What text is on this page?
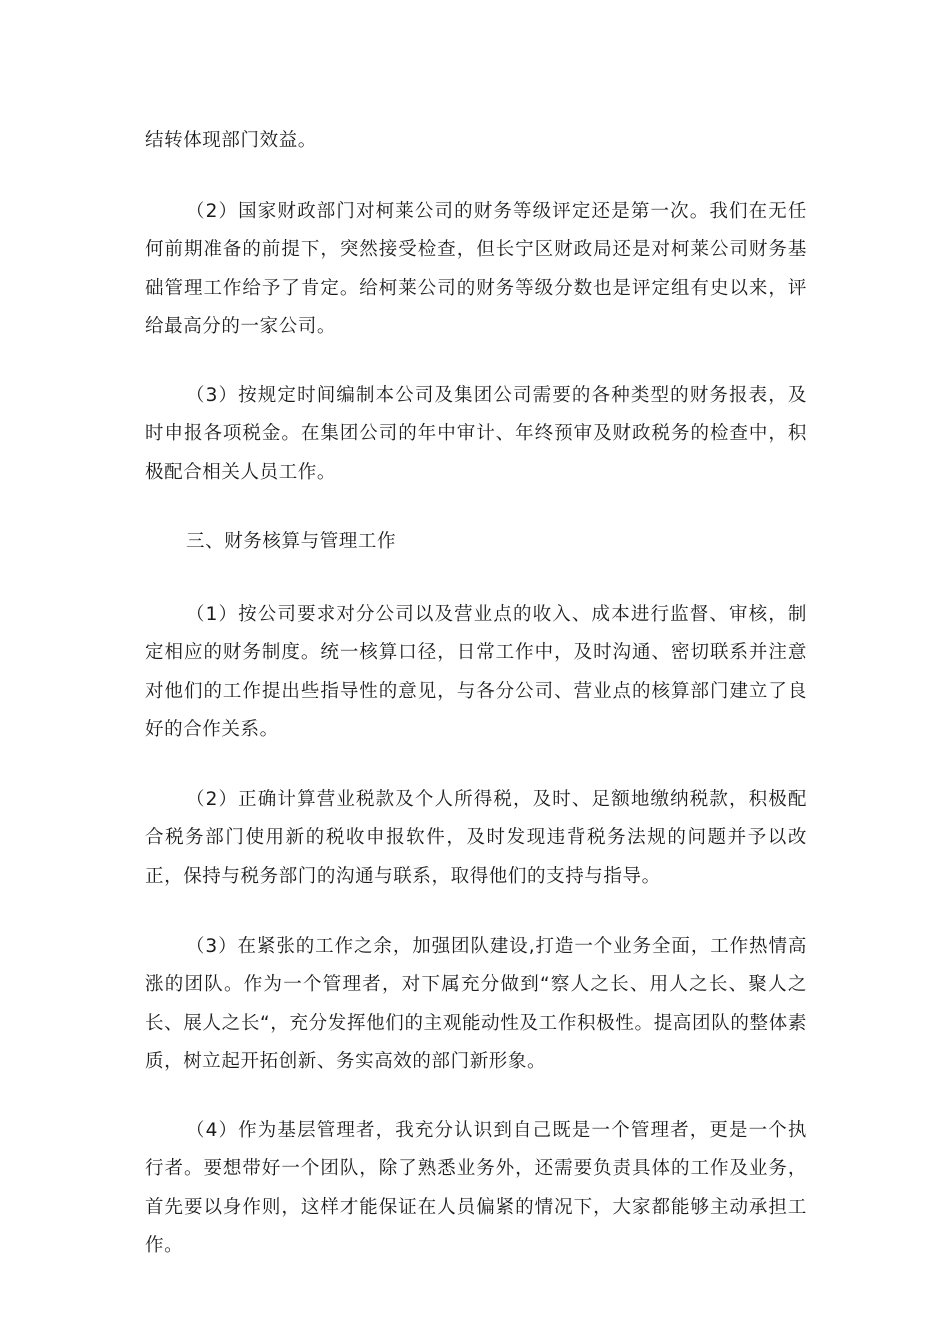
结转体现部门效益。

（2）国家财政部门对柯莱公司的财务等级评定还是第一次。我们在无任何前期准备的前提下，突然接受检查，但长宁区财政局还是对柯莱公司财务基础管理工作给予了肯定。给柯莱公司的财务等级分数也是评定组有史以来，评给最高分的一家公司。

（3）按规定时间编制本公司及集团公司需要的各种类型的财务报表，及时申报各项税金。在集团公司的年中审计、年终预审及财政税务的检查中，积极配合相关人员工作。

三、财务核算与管理工作

（1）按公司要求对分公司以及营业点的收入、成本进行监督、审核，制定相应的财务制度。统一核算口径，日常工作中，及时沟通、密切联系并注意对他们的工作提出些指导性的意见，与各分公司、营业点的核算部门建立了良好的合作关系。

（2）正确计算营业税款及个人所得税，及时、足额地缴纳税款，积极配合税务部门使用新的税收申报软件，及时发现违背税务法规的问题并予以改正，保持与税务部门的沟通与联系，取得他们的支持与指导。

（3）在紧张的工作之余，加强团队建设,打造一个业务全面，工作热情高涨的团队。作为一个管理者，对下属充分做到“察人之长、用人之长、聚人之长、展人之长“，充分发挥他们的主观能动性及工作积极性。提高团队的整体素质，树立起开拓创新、务实高效的部门新形象。

（4）作为基层管理者，我充分认识到自己既是一个管理者，更是一个执行者。要想带好一个团队，除了熟悉业务外，还需要负责具体的工作及业务，首先要以身作则，这样才能保证在人员偏紧的情况下，大家都能够主动承担工作。
